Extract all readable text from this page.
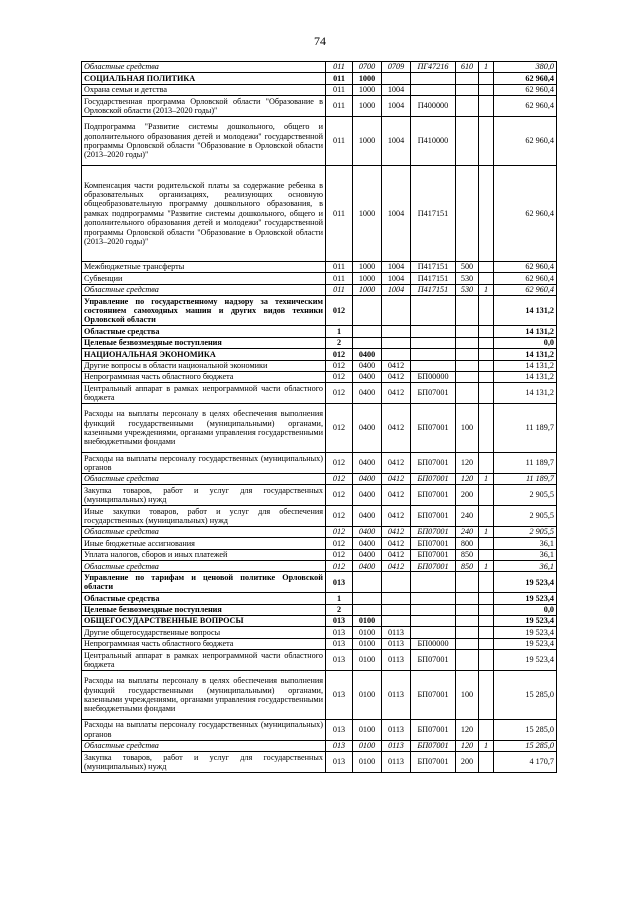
74
Областные средства	011	0700	0709	ПГ47216	610	1	380,0
СОЦИАЛЬНАЯ ПОЛИТИКА	011	1000					62 960,4
Охрана семьи и детства	011	1000	1004				62 960,4
Государственная программа Орловской области "Образование в Орловской области (2013–2020 годы)"	011	1000	1004	П400000			62 960,4
Подпрограмма "Развитие системы дошкольного, общего и дополнительного образования детей и молодежи" государственной программы Орловской области "Образование в Орловской области (2013–2020 годы)"	011	1000	1004	П410000			62 960,4
Компенсация части родительской платы за содержание ребенка в образовательных организациях, реализующих основную общеобразовательную программу дошкольного образования, в рамках подпрограммы "Развитие системы дошкольного, общего и дополнительного образования детей и молодежи" государственной программы Орловской области "Образование в Орловской области (2013–2020 годы)"	011	1000	1004	П417151			62 960,4
Межбюджетные трансферты	011	1000	1004	П417151	500		62 960,4
Субвенции	011	1000	1004	П417151	530		62 960,4
Областные средства	011	1000	1004	П417151	530	1	62 960,4
Управление по государственному надзору за техническим состоянием самоходных машин и других видов техники Орловской области	012						14 131,2
Областные средства	1						14 131,2
Целевые безвозмездные поступления	2						0,0
НАЦИОНАЛЬНАЯ ЭКОНОМИКА	012	0400					14 131,2
Другие вопросы в области национальной экономики	012	0400	0412				14 131,2
Непрограммная часть областного бюджета	012	0400	0412	БП00000			14 131,2
Центральный аппарат в рамках непрограммной части областного бюджета	012	0400	0412	БП07001			14 131,2
Расходы на выплаты персоналу в целях обеспечения выполнения функций государственными (муниципальными) органами, казенными учреждениями, органами управления государственными внебюджетными фондами	012	0400	0412	БП07001	100		11 189,7
Расходы на выплаты персоналу государственных (муниципальных) органов	012	0400	0412	БП07001	120		11 189,7
Областные средства	012	0400	0412	БП07001	120	1	11 189,7
Закупка товаров, работ и услуг для государственных (муниципальных) нужд	012	0400	0412	БП07001	200		2 905,5
Иные закупки товаров, работ и услуг для обеспечения государственных (муниципальных) нужд	012	0400	0412	БП07001	240		2 905,5
Областные средства	012	0400	0412	БП07001	240	1	2 905,5
Иные бюджетные ассигнования	012	0400	0412	БП07001	800		36,1
Уплата налогов, сборов и иных платежей	012	0400	0412	БП07001	850		36,1
Областные средства	012	0400	0412	БП07001	850	1	36,1
Управление по тарифам и ценовой политике Орловской области	013						19 523,4
Областные средства	1						19 523,4
Целевые безвозмездные поступления	2						0,0
ОБЩЕГОСУДАРСТВЕННЫЕ ВОПРОСЫ	013	0100					19 523,4
Другие общегосударственные вопросы	013	0100	0113				19 523,4
Непрограммная часть областного бюджета	013	0100	0113	БП00000			19 523,4
Центральный аппарат в рамках непрограммной части областного бюджета	013	0100	0113	БП07001			19 523,4
Расходы на выплаты персоналу в целях обеспечения выполнения функций государственными (муниципальными) органами, казенными учреждениями, органами управления государственными внебюджетными фондами	013	0100	0113	БП07001	100		15 285,0
Расходы на выплаты персоналу государственных (муниципальных) органов	013	0100	0113	БП07001	120		15 285,0
Областные средства	013	0100	0113	БП07001	120	1	15 285,0
Закупка товаров, работ и услуг для государственных (муниципальных) нужд	013	0100	0113	БП07001	200		4 170,7
